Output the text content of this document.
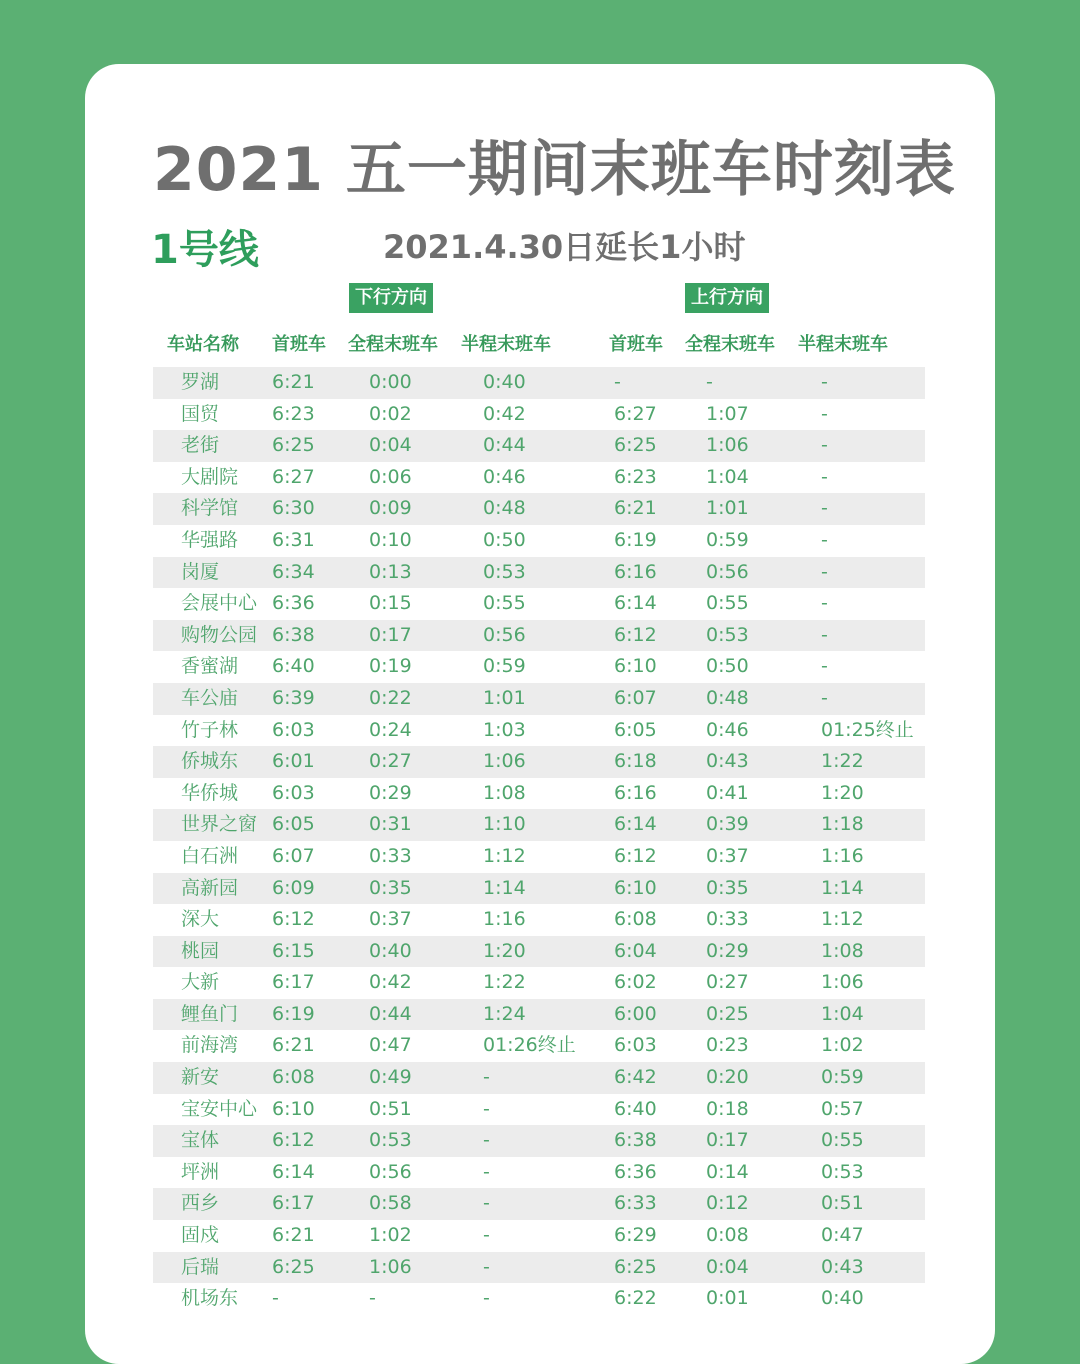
2021 五一期间末班车时刻表
1号线	2021.4.30日延长1小时
下行方向	上行方向
车站名称 首班车 全程末班车 半程末班车	首班车 全程末班车 半程末班车
罗湖	6:21	0:00	0:40	-	-	-
国贸	6:23	0:02	0:42	6:27	1:07	-
老街	6:25	0:04	0:44	6:25	1:06	-
大剧院 6:27	0:06	0:46	6:23	1:04	-
科学馆 6:30	0:09	0:48	6:21	1:01	-
华强路 6:31	0:10	0:50	6:19	0:59	-
岗厦	6:34	0:13	0:53	6:16	0:56	-
会展中心 6:36	0:15	0:55	6:14	0:55	-
购物公园 6:38	0:17	0:56	6:12	0:53	-
香蜜湖 6:40	0:19	0:59	6:10	0:50	-
车公庙 6:39	0:22	1:01	6:07	0:48	-
竹子林 6:03	0:24	1:03	6:05	0:46	01:25终止
侨城东 6:01	0:27	1:06	6:18	0:43	1:22
华侨城 6:03	0:29	1:08	6:16	0:41	1:20
世界之窗 6:05	0:31	1:10	6:14	0:39	1:18
白石洲 6:07	0:33	1:12	6:12	0:37	1:16
高新园 6:09	0:35	1:14	6:10	0:35	1:14
深大	6:12	0:37	1:16	6:08	0:33	1:12
桃园	6:15	0:40	1:20	6:04	0:29	1:08
大新	6:17	0:42	1:22	6:02	0:27	1:06
鲤鱼门 6:19	0:44	1:24	6:00	0:25	1:04
前海湾 6:21	0:47	01:26终止 6:03	0:23	1:02
新安	6:08	0:49	-	6:42	0:20	0:59
宝安中心 6:10	0:51	-	6:40	0:18	0:57
宝体	6:12	0:53	-	6:38	0:17	0:55
坪洲	6:14	0:56	-	6:36	0:14	0:53
西乡	6:17	0:58	-	6:33	0:12	0:51
固戍	6:21	1:02	-	6:29	0:08	0:47
后瑞	6:25	1:06	-	6:25	0:04	0:43
机场东 -	-	-	6:22	0:01	0:40
